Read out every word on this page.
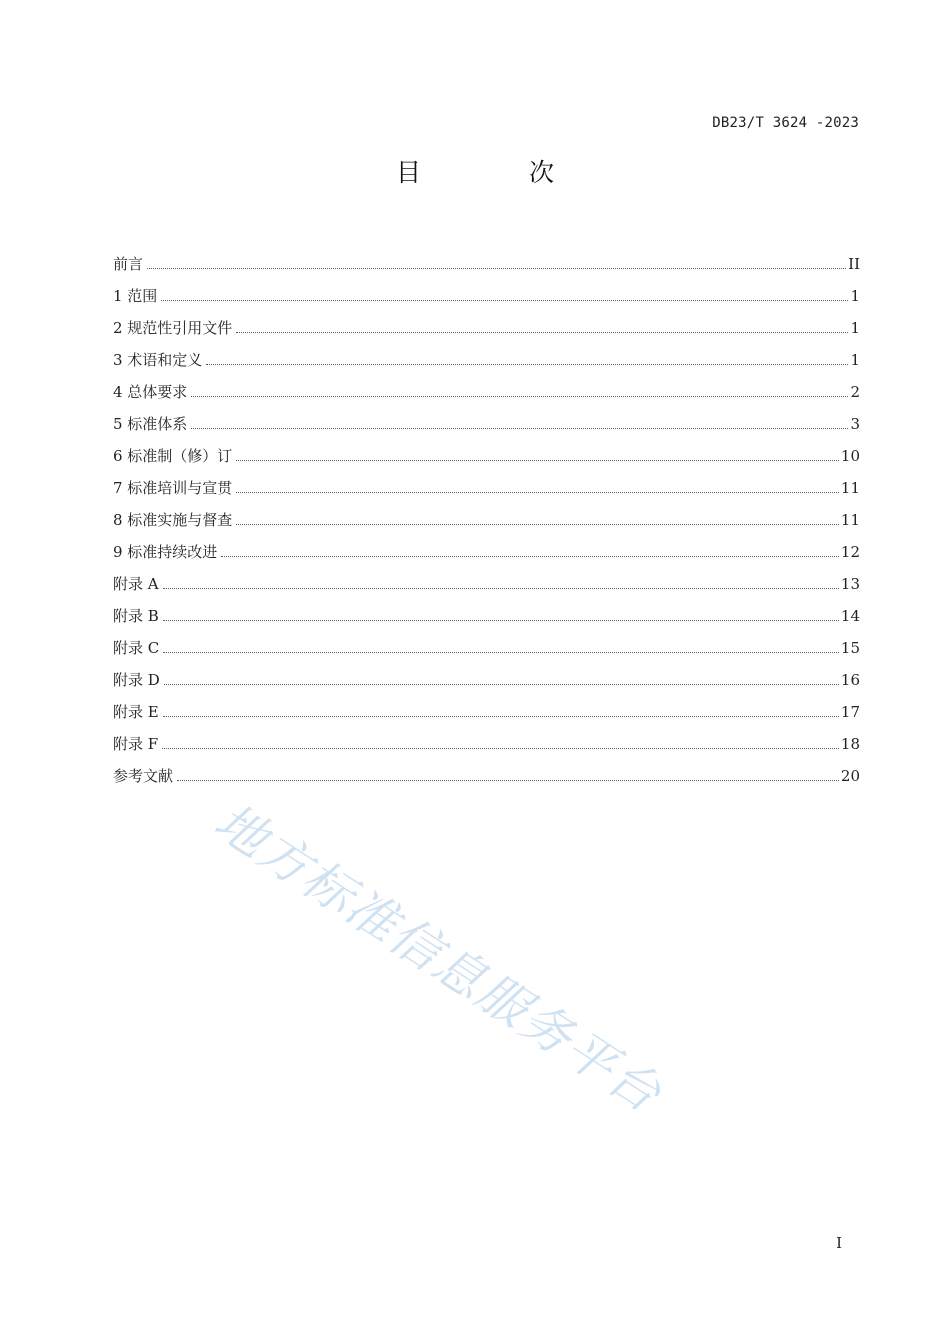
DB23/T 3624 -2023
目 次
前言	II
1 范围	1
2 规范性引用文件	1
3 术语和定义	1
4 总体要求	2
5 标准体系	3
6 标准制（修）订	10
7 标准培训与宣贯	11
8 标准实施与督查	11
9 标准持续改进	12
附录 A	13
附录 B	14
附录 C	15
附录 D	16
附录 E	17
附录 F	18
参考文献	20
地方标准信息服务平台
I
